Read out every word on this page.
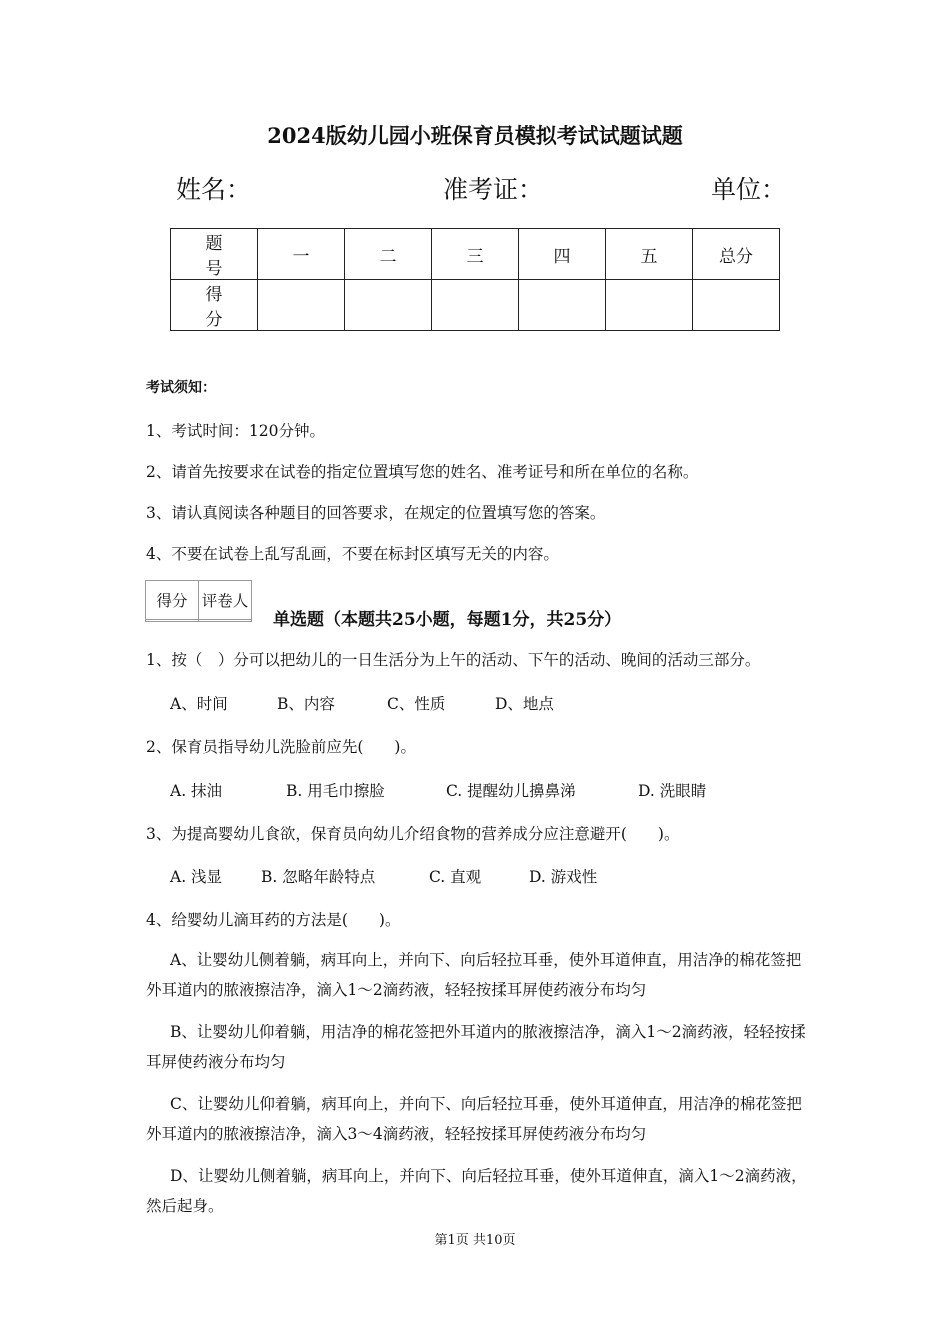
2024版幼儿园小班保育员模拟考试试题试题
姓名：	准考证：	单位：
题　号	一	二	三	四	五	总分
得　分						
考试须知：
1、考试时间：120分钟。
2、请首先按要求在试卷的指定位置填写您的姓名、准考证号和所在单位的名称。
3、请认真阅读各种题目的回答要求，在规定的位置填写您的答案。
4、不要在试卷上乱写乱画，不要在标封区填写无关的内容。
得分	评卷人

单选题（本题共25小题，每题1分，共25分）
1、按（　）分可以把幼儿的一日生活分为上午的活动、下午的活动、晚间的活动三部分。
A、时间	B、内容	C、性质	D、地点
2、保育员指导幼儿洗脸前应先(　　)。
A. 抹油	B. 用毛巾擦脸	C. 提醒幼儿擤鼻涕	D. 洗眼睛
3、为提高婴幼儿食欲，保育员向幼儿介绍食物的营养成分应注意避开(　　)。
A. 浅显	B. 忽略年龄特点	C. 直观	D. 游戏性
4、给婴幼儿滴耳药的方法是(　　)。
A、让婴幼儿侧着躺，病耳向上，并向下、向后轻拉耳垂，使外耳道伸直，用洁净的棉花签把外耳道内的脓液擦洁净，滴入1～2滴药液，轻轻按揉耳屏使药液分布均匀
B、让婴幼儿仰着躺，用洁净的棉花签把外耳道内的脓液擦洁净，滴入1～2滴药液，轻轻按揉耳屏使药液分布均匀
C、让婴幼儿仰着躺，病耳向上，并向下、向后轻拉耳垂，使外耳道伸直，用洁净的棉花签把外耳道内的脓液擦洁净，滴入3～4滴药液，轻轻按揉耳屏使药液分布均匀
D、让婴幼儿侧着躺，病耳向上，并向下、向后轻拉耳垂，使外耳道伸直，滴入1～2滴药液，然后起身。
第1页 共10页
